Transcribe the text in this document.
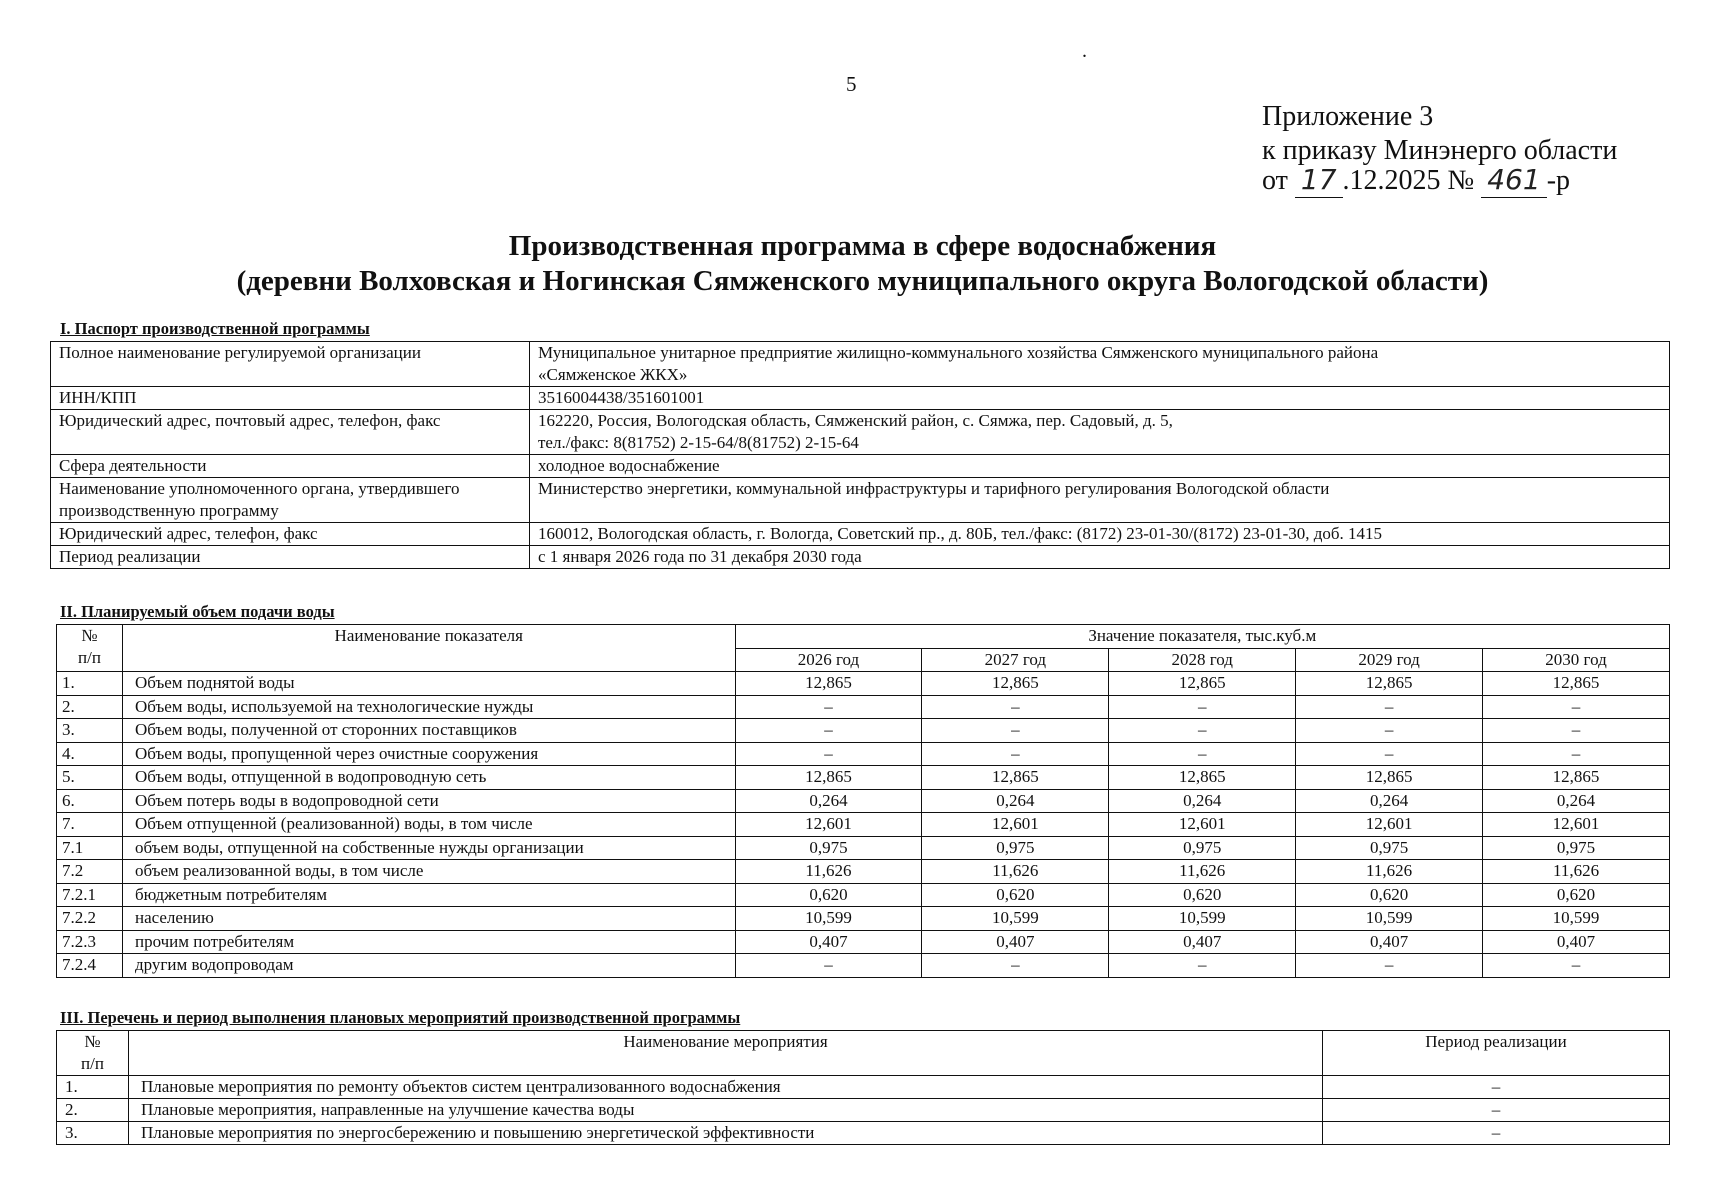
.
5
Приложение 3
к приказу Минэнерго области
от 17 .12.2025 № 461 -р
Производственная программа в сфере водоснабжения
(деревни Волховская и Ногинская Сямженского муниципального округа Вологодской области)
I. Паспорт производственной программы
Полное наименование регулируемой организации	Муниципальное унитарное предприятие жилищно-коммунального хозяйства Сямженского муниципального района
«Сямженское ЖКХ»

ИНН/КПП	3516004438/351601001
Юридический адрес, почтовый адрес, телефон, факс	162220, Россия, Вологодская область, Сямженский район, с. Сямжа, пер. Садовый, д. 5,
тел./факс: 8(81752) 2-15-64/8(81752) 2-15-64

Сфера деятельности	холодное водоснабжение

Наименование уполномоченного органа, утвердившего
производственную программу	Министерство энергетики, коммунальной инфраструктуры и тарифного регулирования Вологодской области
Юридический адрес, телефон, факс	160012, Вологодская область, г. Вологда, Советский пр., д. 80Б, тел./факс: (8172) 23-01-30/(8172) 23-01-30, доб. 1415
Период реализации	с 1 января 2026 года по 31 декабря 2030 года
II. Планируемый объем подачи воды
№
п/п	Наименование показателя	Значение показателя, тыс.куб.м				
		2026 год	2027 год	2028 год	2029 год	2030 год
1.	Объем поднятой воды	12,865	12,865	12,865	12,865	12,865
2.	Объем воды, используемой на технологические нужды	–	–	–	–	–
3.	Объем воды, полученной от сторонних поставщиков	–	–	–	–	–
4.	Объем воды, пропущенной через очистные сооружения	–	–	–	–	–
5.	Объем воды, отпущенной в водопроводную сеть	12,865	12,865	12,865	12,865	12,865
6.	Объем потерь воды в водопроводной сети	0,264	0,264	0,264	0,264	0,264
7.	Объем отпущенной (реализованной) воды, в том числе	12,601	12,601	12,601	12,601	12,601
7.1	объем воды, отпущенной на собственные нужды организации	0,975	0,975	0,975	0,975	0,975
7.2	объем реализованной воды, в том числе	11,626	11,626	11,626	11,626	11,626
7.2.1	бюджетным потребителям	0,620	0,620	0,620	0,620	0,620
7.2.2	населению	10,599	10,599	10,599	10,599	10,599
7.2.3	прочим потребителям	0,407	0,407	0,407	0,407	0,407
7.2.4	другим водопроводам	–	–	–	–	–
III. Перечень и период выполнения плановых мероприятий производственной программы
№
п/п	Наименование мероприятия	Период реализации
1.	Плановые мероприятия по ремонту объектов систем централизованного водоснабжения	–
2.	Плановые мероприятия, направленные на улучшение качества воды	–
3.	Плановые мероприятия по энергосбережению и повышению энергетической эффективности	–
